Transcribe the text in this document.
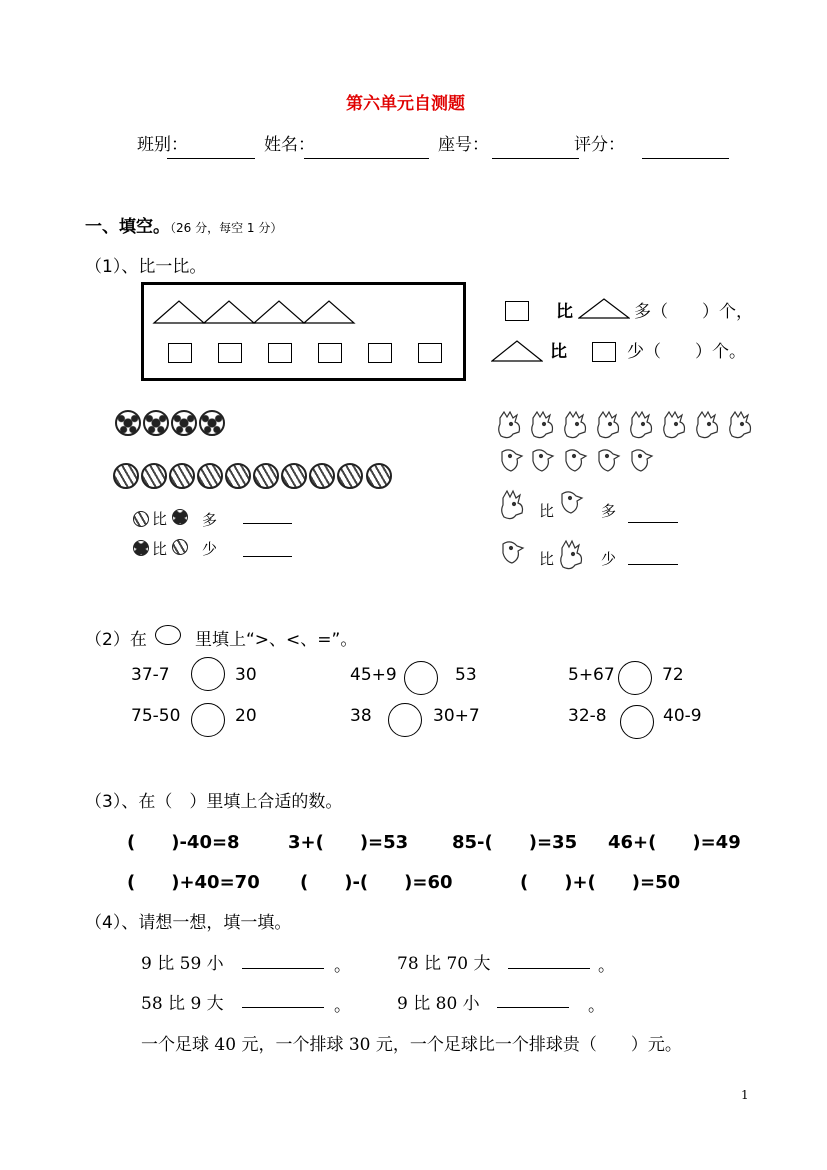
第六单元自测题
班别：	姓名：	座号：	评分：
一、填空。（26 分，每空 1 分）
（1）、比一比。
比	多（　　）个，
比	少（　　）个。
比 多
比 少
比	多
比	少
（2）在	里填上“>、<、=”。
37-7	30	45+9	53	5+67	72
75-50	20	38	30+7	32-8	40-9
（3）、在（　）里填上合适的数。
(　　)-40=8	3+(　　)=53 85-(　　)=35 46+(　　)=49
(　　)+40=70 (　　)-(　　)=60	(　　)+(　　)=50
（4）、请想一想，填一填。
9 比 59 小	。	78 比 70 大	。
58 比 9 大	。	9 比 80 小	。
一个足球 40 元，一个排球 30 元，一个足球比一个排球贵（　　）元。
1
